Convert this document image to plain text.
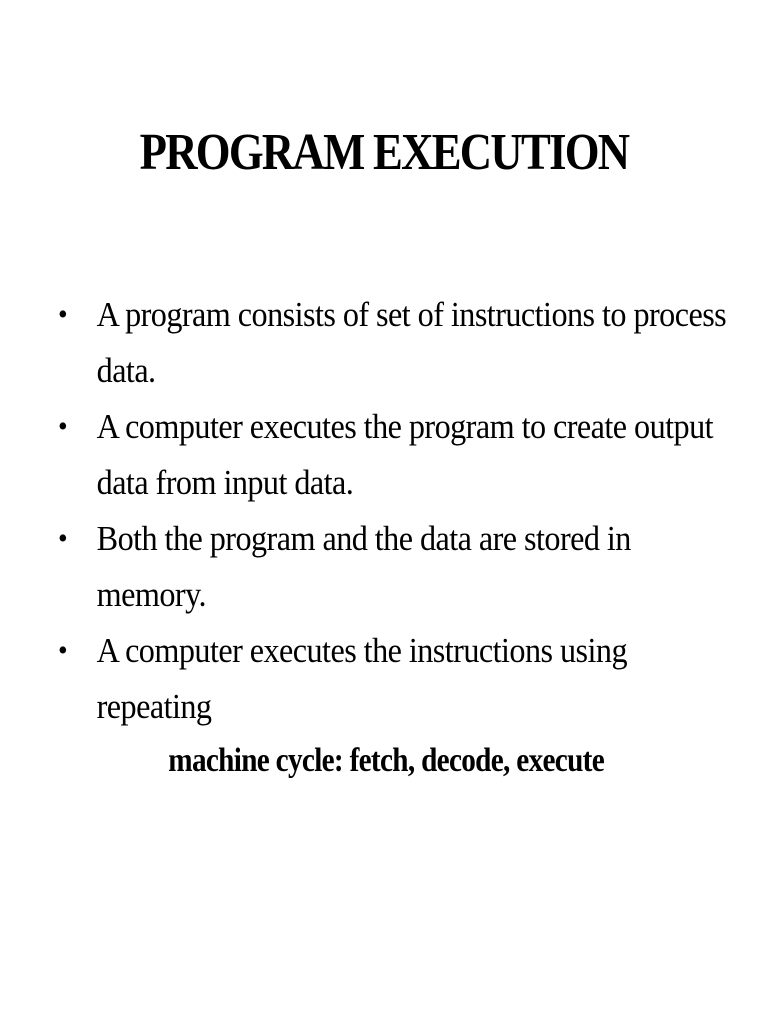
PROGRAM EXECUTION
• A program consists of set of instructions to process data.
• A computer executes the program to create output data from input data.
• Both the program and the data are stored in memory.
• A computer executes the instructions using repeating
machine cycle: fetch, decode, execute
